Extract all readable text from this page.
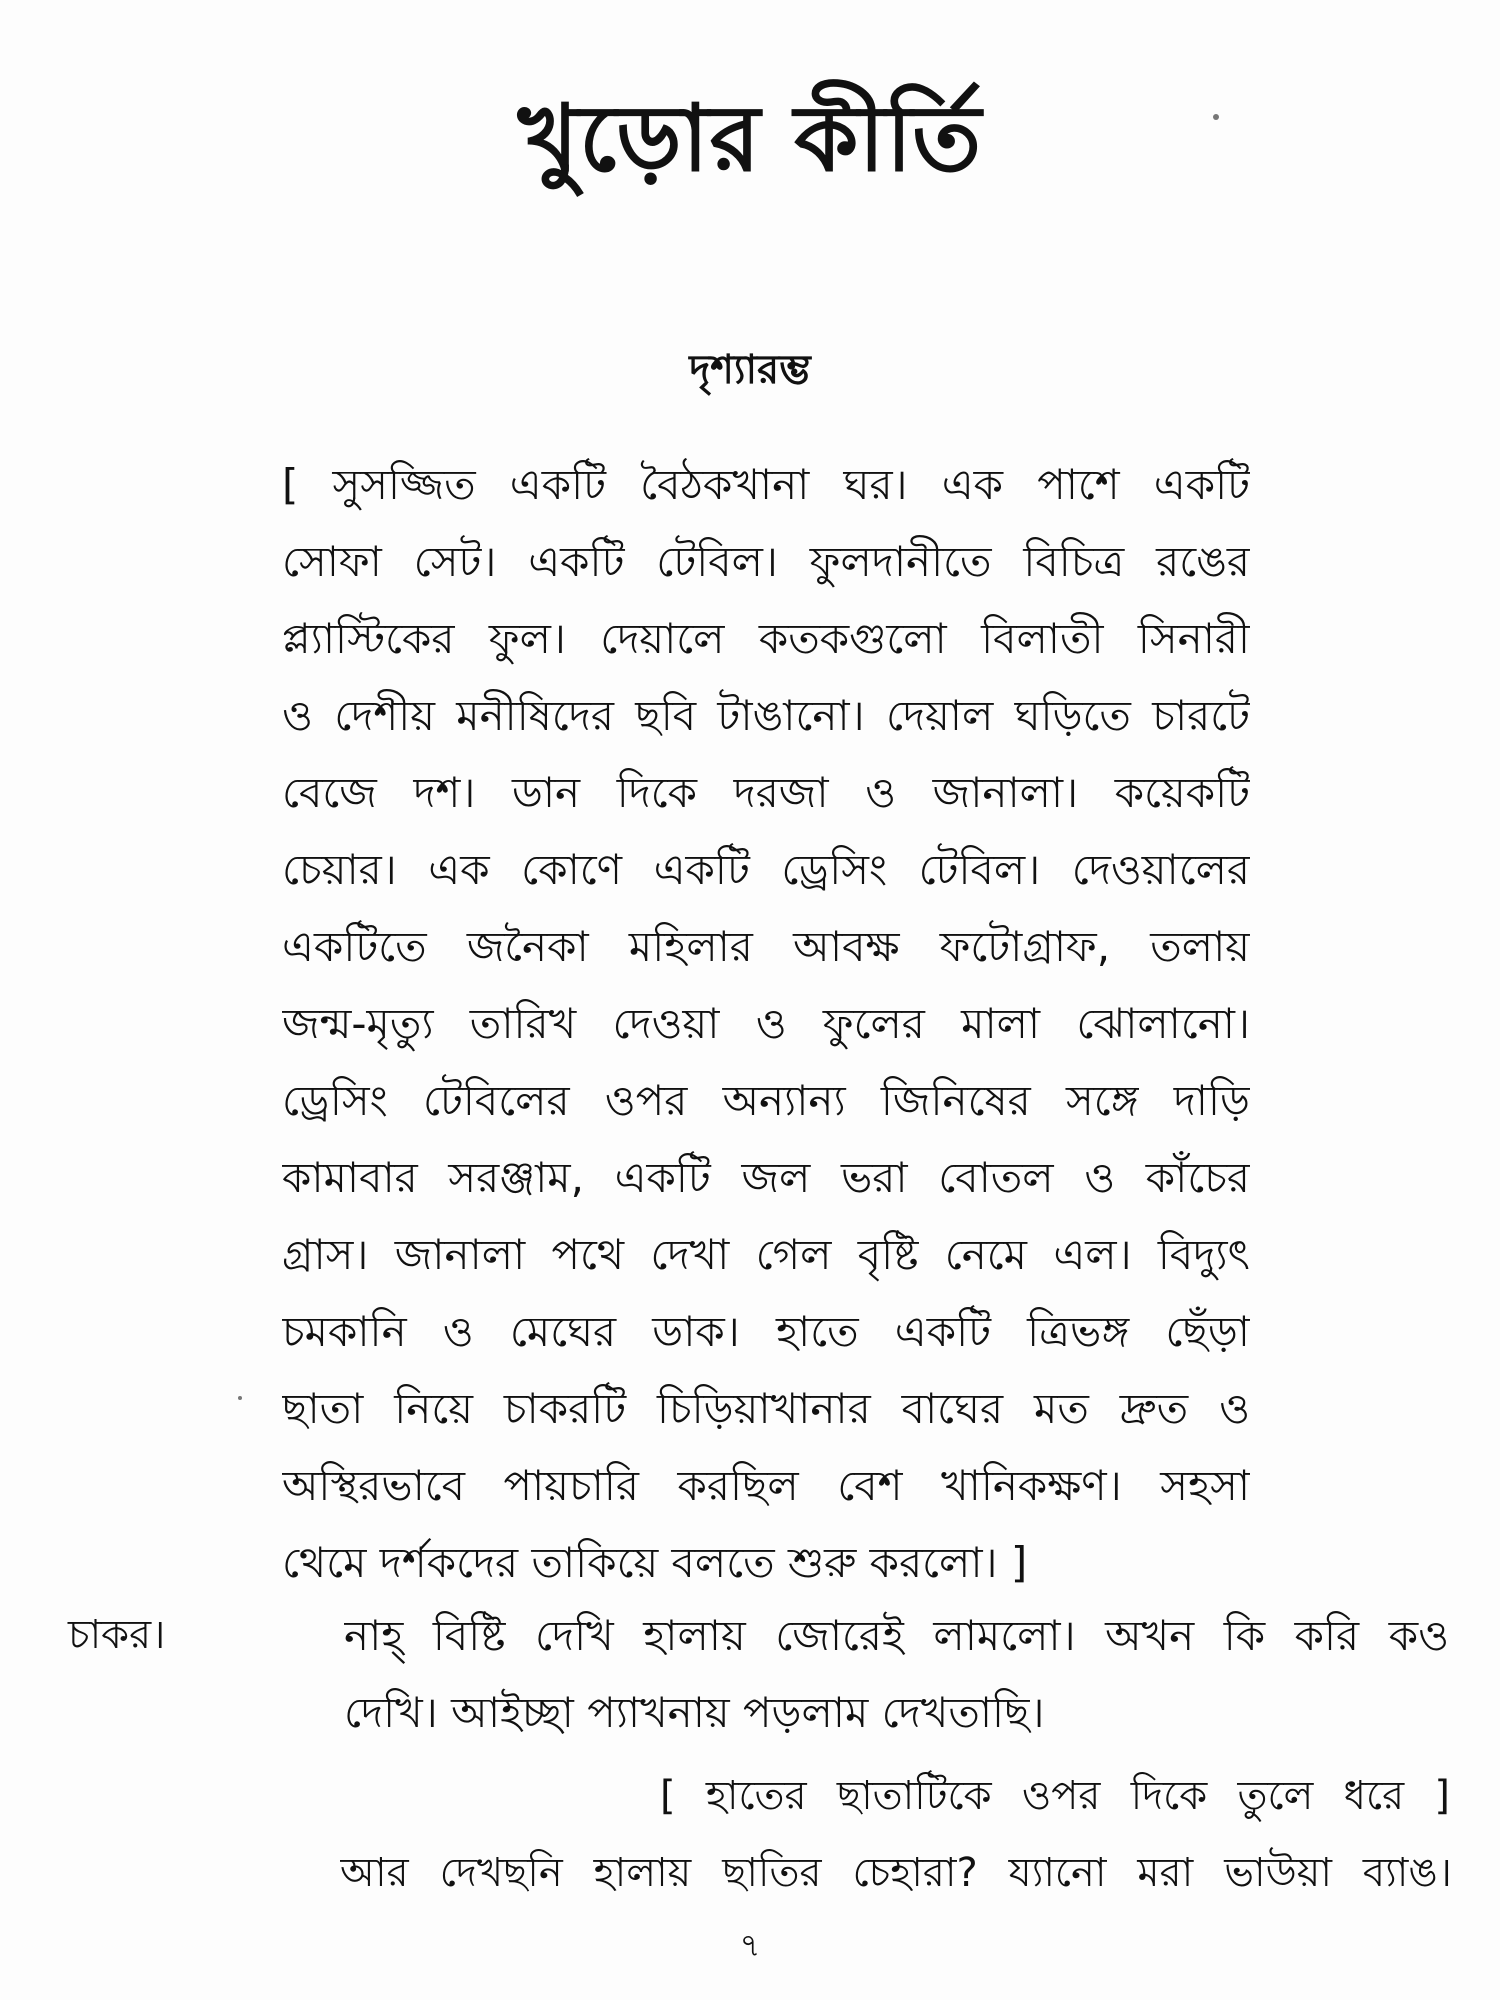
খুড়োর কীর্তি
দৃশ্যারম্ভ
[ সুসজ্জিত একটি বৈঠকখানা ঘর। এক পাশে একটি
সোফা সেট। একটি টেবিল। ফুলদানীতে বিচিত্র রঙের
প্ল্যাস্টিকের ফুল। দেয়ালে কতকগুলো বিলাতী সিনারী
ও দেশীয় মনীষিদের ছবি টাঙানো। দেয়াল ঘড়িতে চারটে
বেজে দশ। ডান দিকে দরজা ও জানালা। কয়েকটি
চেয়ার। এক কোণে একটি ড্রেসিং টেবিল। দেওয়ালের
একটিতে জনৈকা মহিলার আবক্ষ ফটোগ্রাফ, তলায়
জন্ম-মৃত্যু তারিখ দেওয়া ও ফুলের মালা ঝোলানো।
ড্রেসিং টেবিলের ওপর অন্যান্য জিনিষের সঙ্গে দাড়ি
কামাবার সরঞ্জাম, একটি জল ভরা বোতল ও কাঁচের
গ্রাস। জানালা পথে দেখা গেল বৃষ্টি নেমে এল। বিদ্যুৎ
চমকানি ও মেঘের ডাক। হাতে একটি ত্রিভঙ্গ ছেঁড়া
ছাতা নিয়ে চাকরটি চিড়িয়াখানার বাঘের মত দ্রুত ও
অস্থিরভাবে পায়চারি করছিল বেশ খানিকক্ষণ। সহসা
থেমে দর্শকদের তাকিয়ে বলতে শুরু করলো। ]
চাকর।	নাহ্ বিষ্টি দেখি হালায় জোরেই লামলো। অখন কি করি কও
দেখি। আইচ্ছা প্যাখনায় পড়লাম দেখতাছি।
[ হাতের ছাতাটিকে ওপর দিকে তুলে ধরে ]
আর দেখছনি হালায় ছাতির চেহারা? য্যানো মরা ভাউয়া ব্যাঙ।
৭
